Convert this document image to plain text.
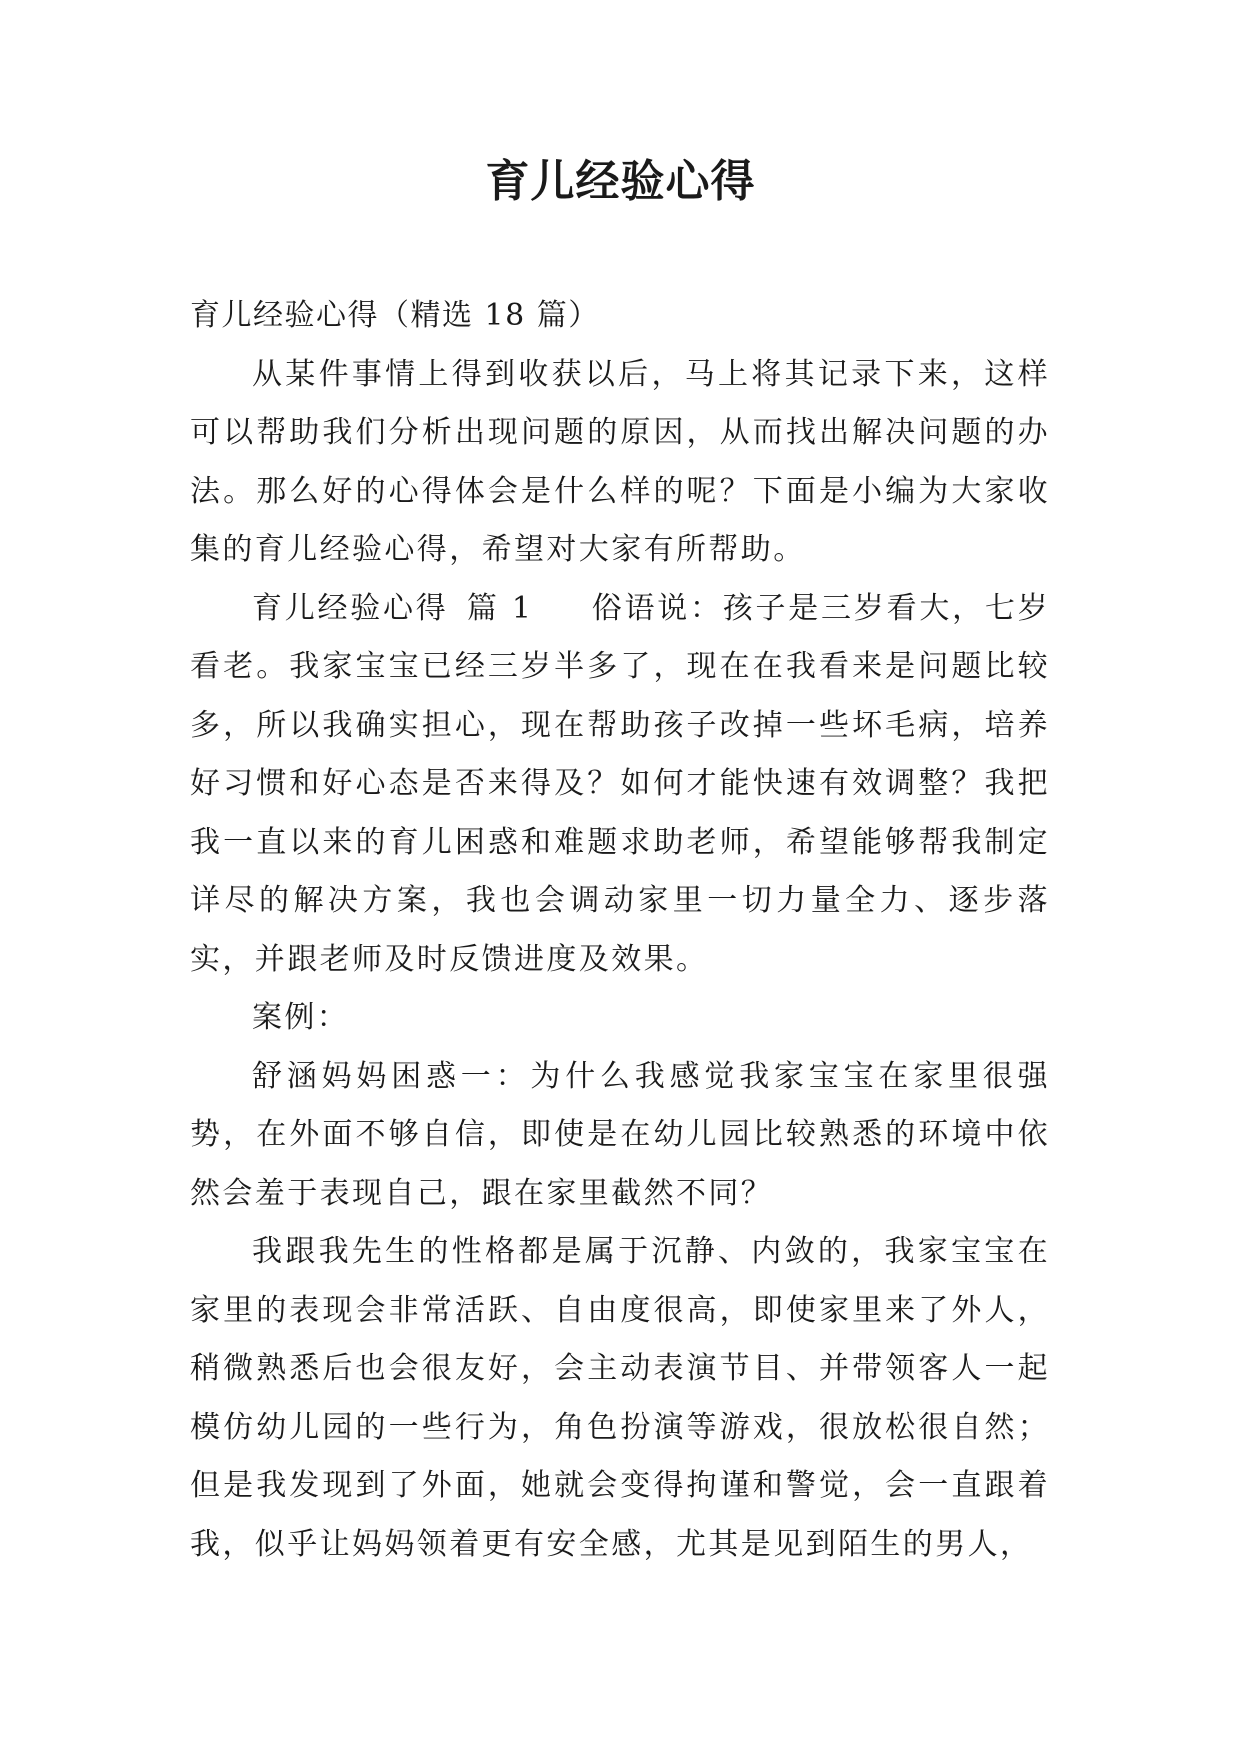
育儿经验心得

育儿经验心得（精选 18 篇）

从某件事情上得到收获以后，马上将其记录下来，这样可以帮助我们分析出现问题的原因，从而找出解决问题的办法。那么好的心得体会是什么样的呢？下面是小编为大家收集的育儿经验心得，希望对大家有所帮助。

育儿经验心得 篇 1 俗语说：孩子是三岁看大，七岁看老。我家宝宝已经三岁半多了，现在在我看来是问题比较多，所以我确实担心，现在帮助孩子改掉一些坏毛病，培养好习惯和好心态是否来得及？如何才能快速有效调整？我把我一直以来的育儿困惑和难题求助老师，希望能够帮我制定详尽的解决方案，我也会调动家里一切力量全力、逐步落实，并跟老师及时反馈进度及效果。

案例：

舒涵妈妈困惑一：为什么我感觉我家宝宝在家里很强势，在外面不够自信，即使是在幼儿园比较熟悉的环境中依然会羞于表现自己，跟在家里截然不同？

我跟我先生的性格都是属于沉静、内敛的，我家宝宝在家里的表现会非常活跃、自由度很高，即使家里来了外人，稍微熟悉后也会很友好，会主动表演节目、并带领客人一起模仿幼儿园的一些行为，角色扮演等游戏，很放松很自然；但是我发现到了外面，她就会变得拘谨和警觉，会一直跟着我，似乎让妈妈领着更有安全感，尤其是见到陌生的男人，
